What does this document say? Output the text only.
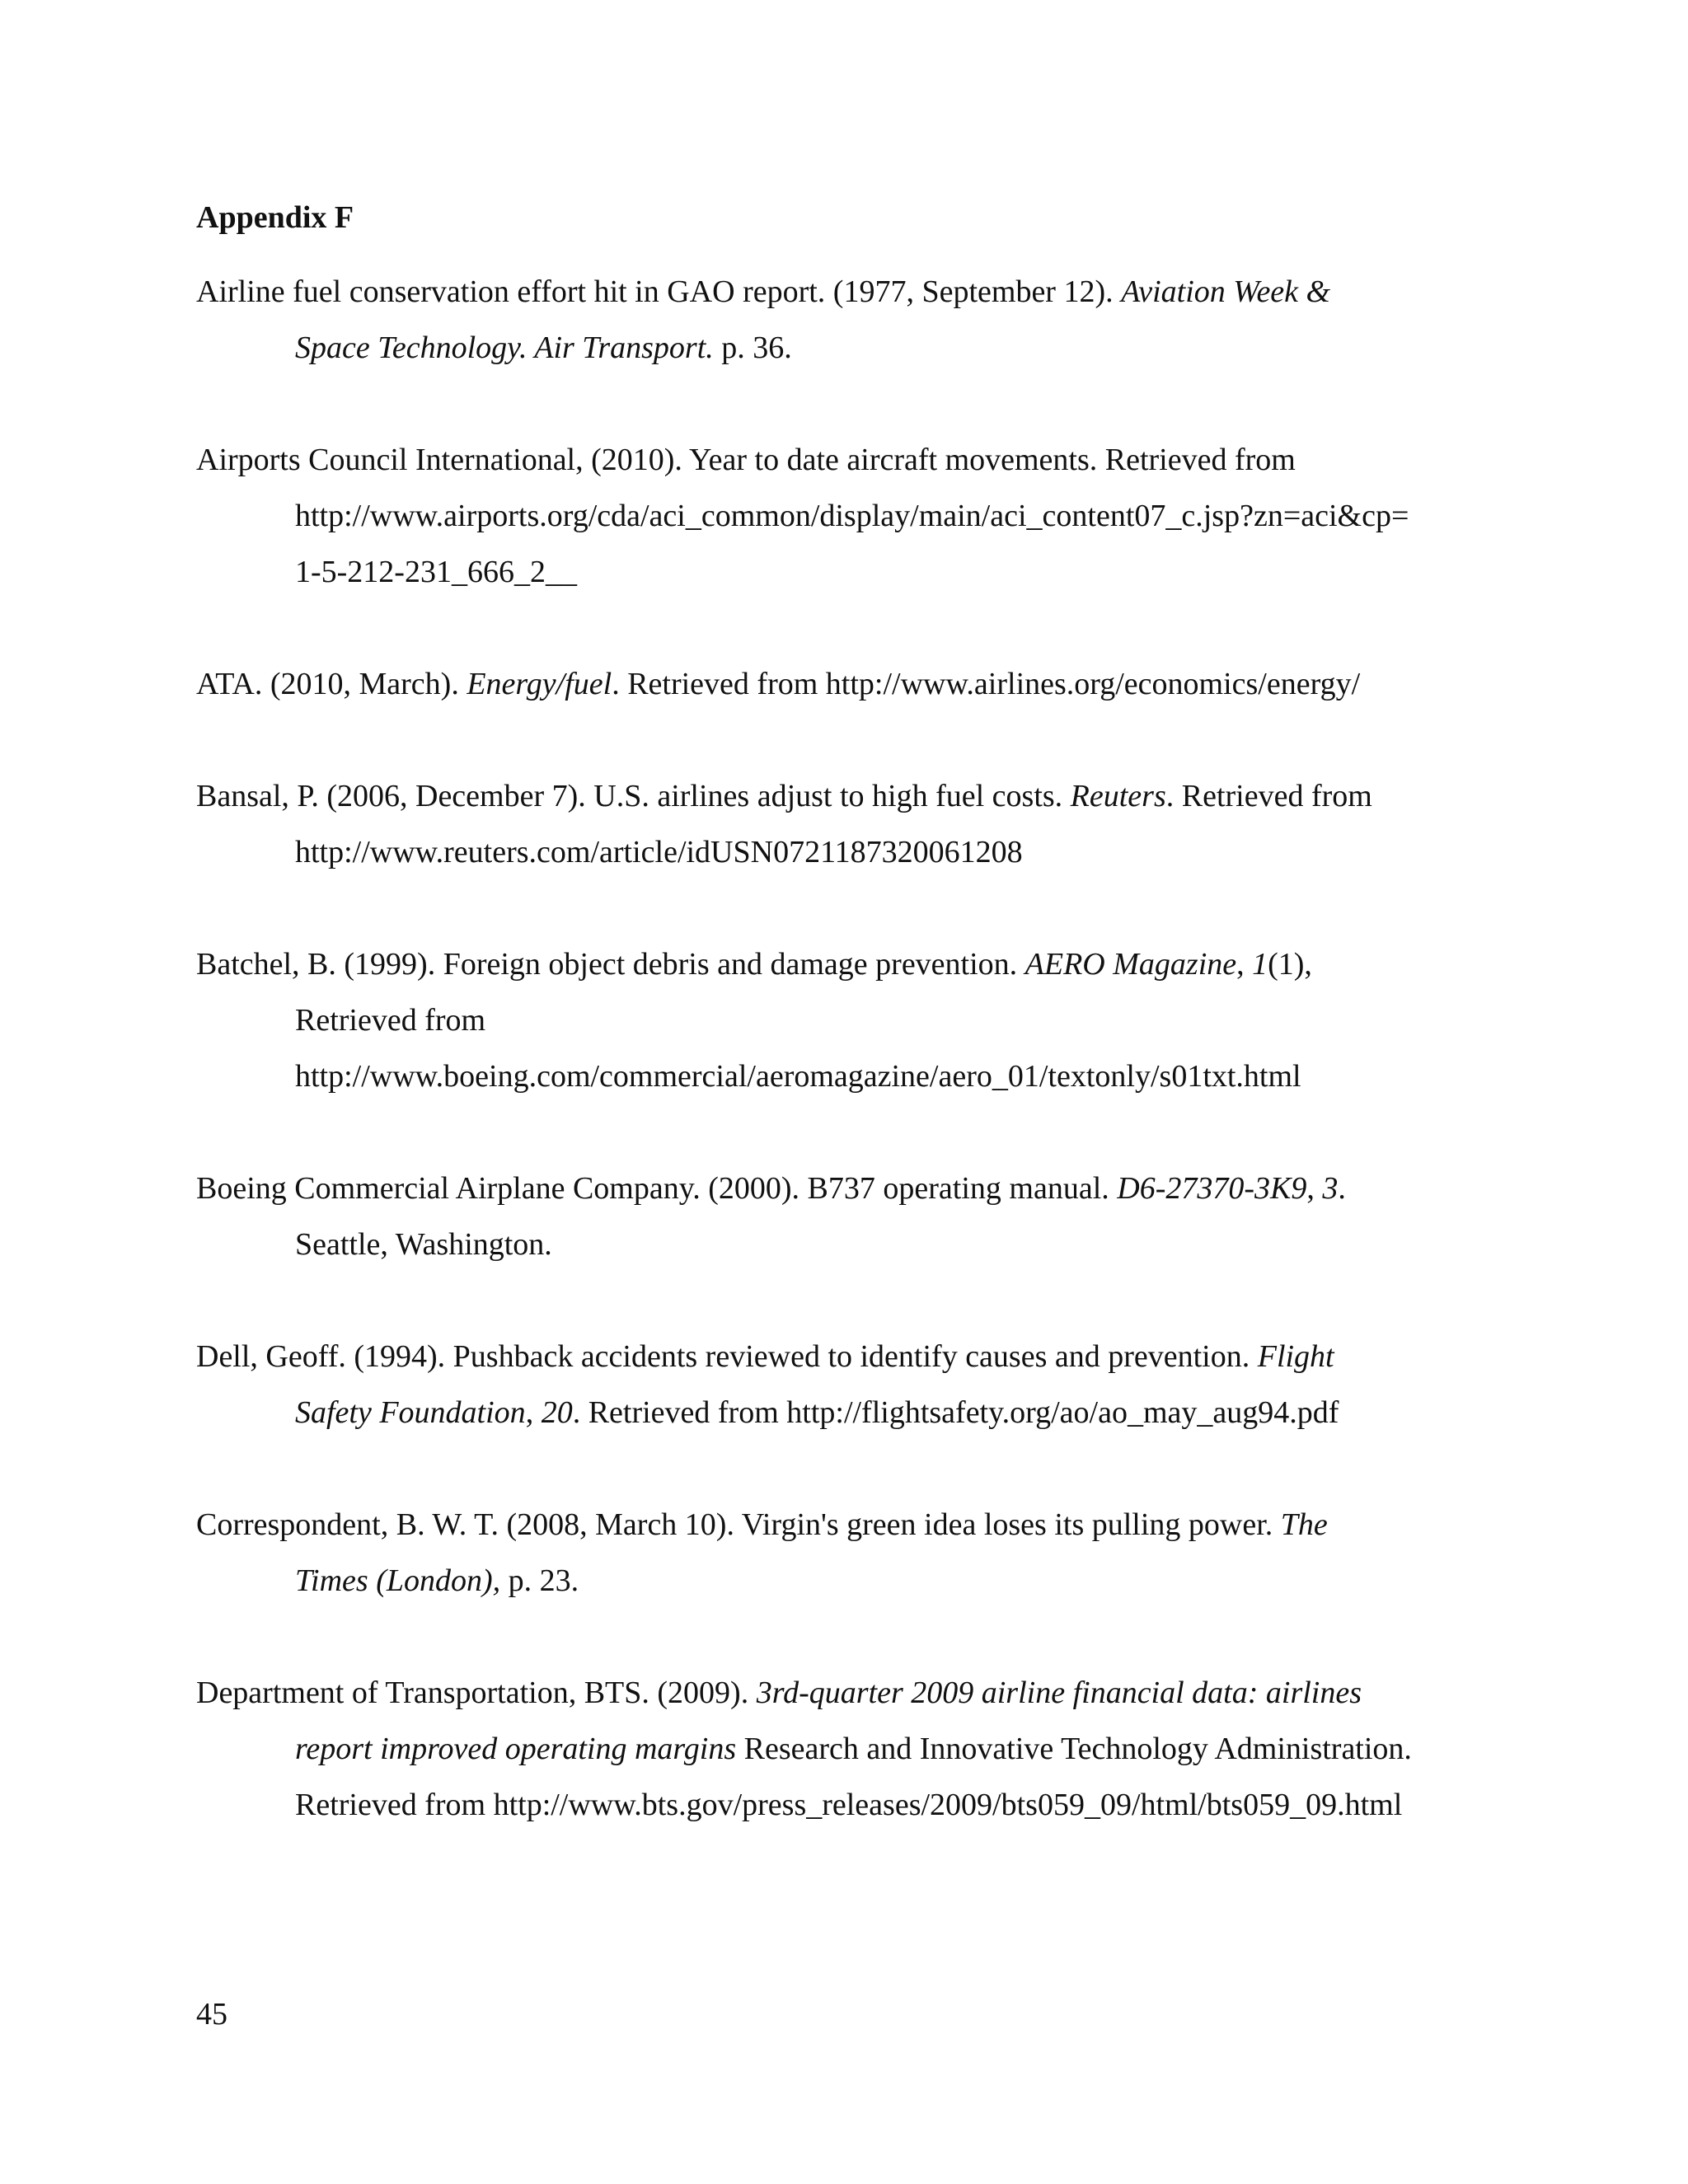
Appendix F
Airline fuel conservation effort hit in GAO report. (1977, September 12). Aviation Week &
Space Technology. Air Transport. p. 36.
Airports Council International, (2010). Year to date aircraft movements. Retrieved from
http://www.airports.org/cda/aci_common/display/main/aci_content07_c.jsp?zn=aci&cp=
1-5-212-231_666_2__
ATA. (2010, March). Energy/fuel. Retrieved from http://www.airlines.org/economics/energy/
Bansal, P. (2006, December 7). U.S. airlines adjust to high fuel costs. Reuters. Retrieved from
http://www.reuters.com/article/idUSN0721187320061208
Batchel, B. (1999). Foreign object debris and damage prevention. AERO Magazine, 1(1),
Retrieved from
http://www.boeing.com/commercial/aeromagazine/aero_01/textonly/s01txt.html
Boeing Commercial Airplane Company. (2000). B737 operating manual. D6-27370-3K9, 3.
Seattle, Washington.
Dell, Geoff. (1994). Pushback accidents reviewed to identify causes and prevention. Flight
Safety Foundation, 20. Retrieved from http://flightsafety.org/ao/ao_may_aug94.pdf
Correspondent, B. W. T. (2008, March 10). Virgin's green idea loses its pulling power. The
Times (London), p. 23.
Department of Transportation, BTS. (2009). 3rd-quarter 2009 airline financial data: airlines
report improved operating margins Research and Innovative Technology Administration.
Retrieved from http://www.bts.gov/press_releases/2009/bts059_09/html/bts059_09.html
45
